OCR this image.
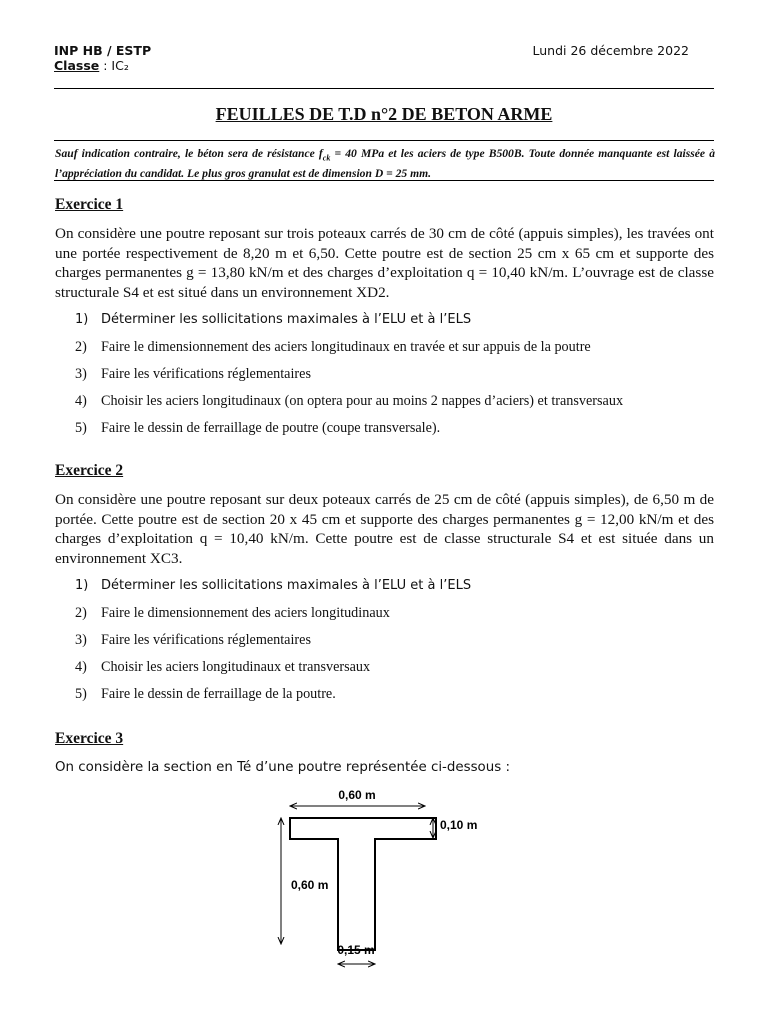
INP HB / ESTP
Classe : IC₂
Lundi 26 décembre 2022
FEUILLES DE T.D n°2 DE BETON ARME
Sauf indication contraire, le béton sera de résistance $f_{ck} = 40$ MPa et les aciers de type B500B. Toute donnée manquante est laissée à l’appréciation du candidat. Le plus gros granulat est de dimension D = 25 mm.
Exercice 1
On considère une poutre reposant sur trois poteaux carrés de 30 cm de côté (appuis simples), les travées ont une portée respectivement de 8,20 m et 6,50. Cette poutre est de section 25 cm x 65 cm et supporte des charges permanentes g = 13,80 kN/m et des charges d’exploitation q = 10,40 kN/m. L’ouvrage est de classe structurale S4 et est situé dans un environnement XD2.
1) Déterminer les sollicitations maximales à l’ELU et à l’ELS
2) Faire le dimensionnement des aciers longitudinaux en travée et sur appuis de la poutre
3) Faire les vérifications réglementaires
4) Choisir les aciers longitudinaux (on optera pour au moins 2 nappes d’aciers) et transversaux
5) Faire le dessin de ferraillage de poutre (coupe transversale).
Exercice 2
On considère une poutre reposant sur deux poteaux carrés de 25 cm de côté (appuis simples), de 6,50 m de portée. Cette poutre est de section 20 x 45 cm et supporte des charges permanentes g = 12,00 kN/m et des charges d’exploitation q = 10,40 kN/m. Cette poutre est de classe structurale S4 et est située dans un environnement XC3.
1) Déterminer les sollicitations maximales à l’ELU et à l’ELS
2) Faire le dimensionnement des aciers longitudinaux
3) Faire les vérifications réglementaires
4) Choisir les aciers longitudinaux et transversaux
5) Faire le dessin de ferraillage de la poutre.
Exercice 3
On considère la section en Té d’une poutre représentée ci-dessous :
0,60 m
0,10 m
0,60 m
0,15 m
